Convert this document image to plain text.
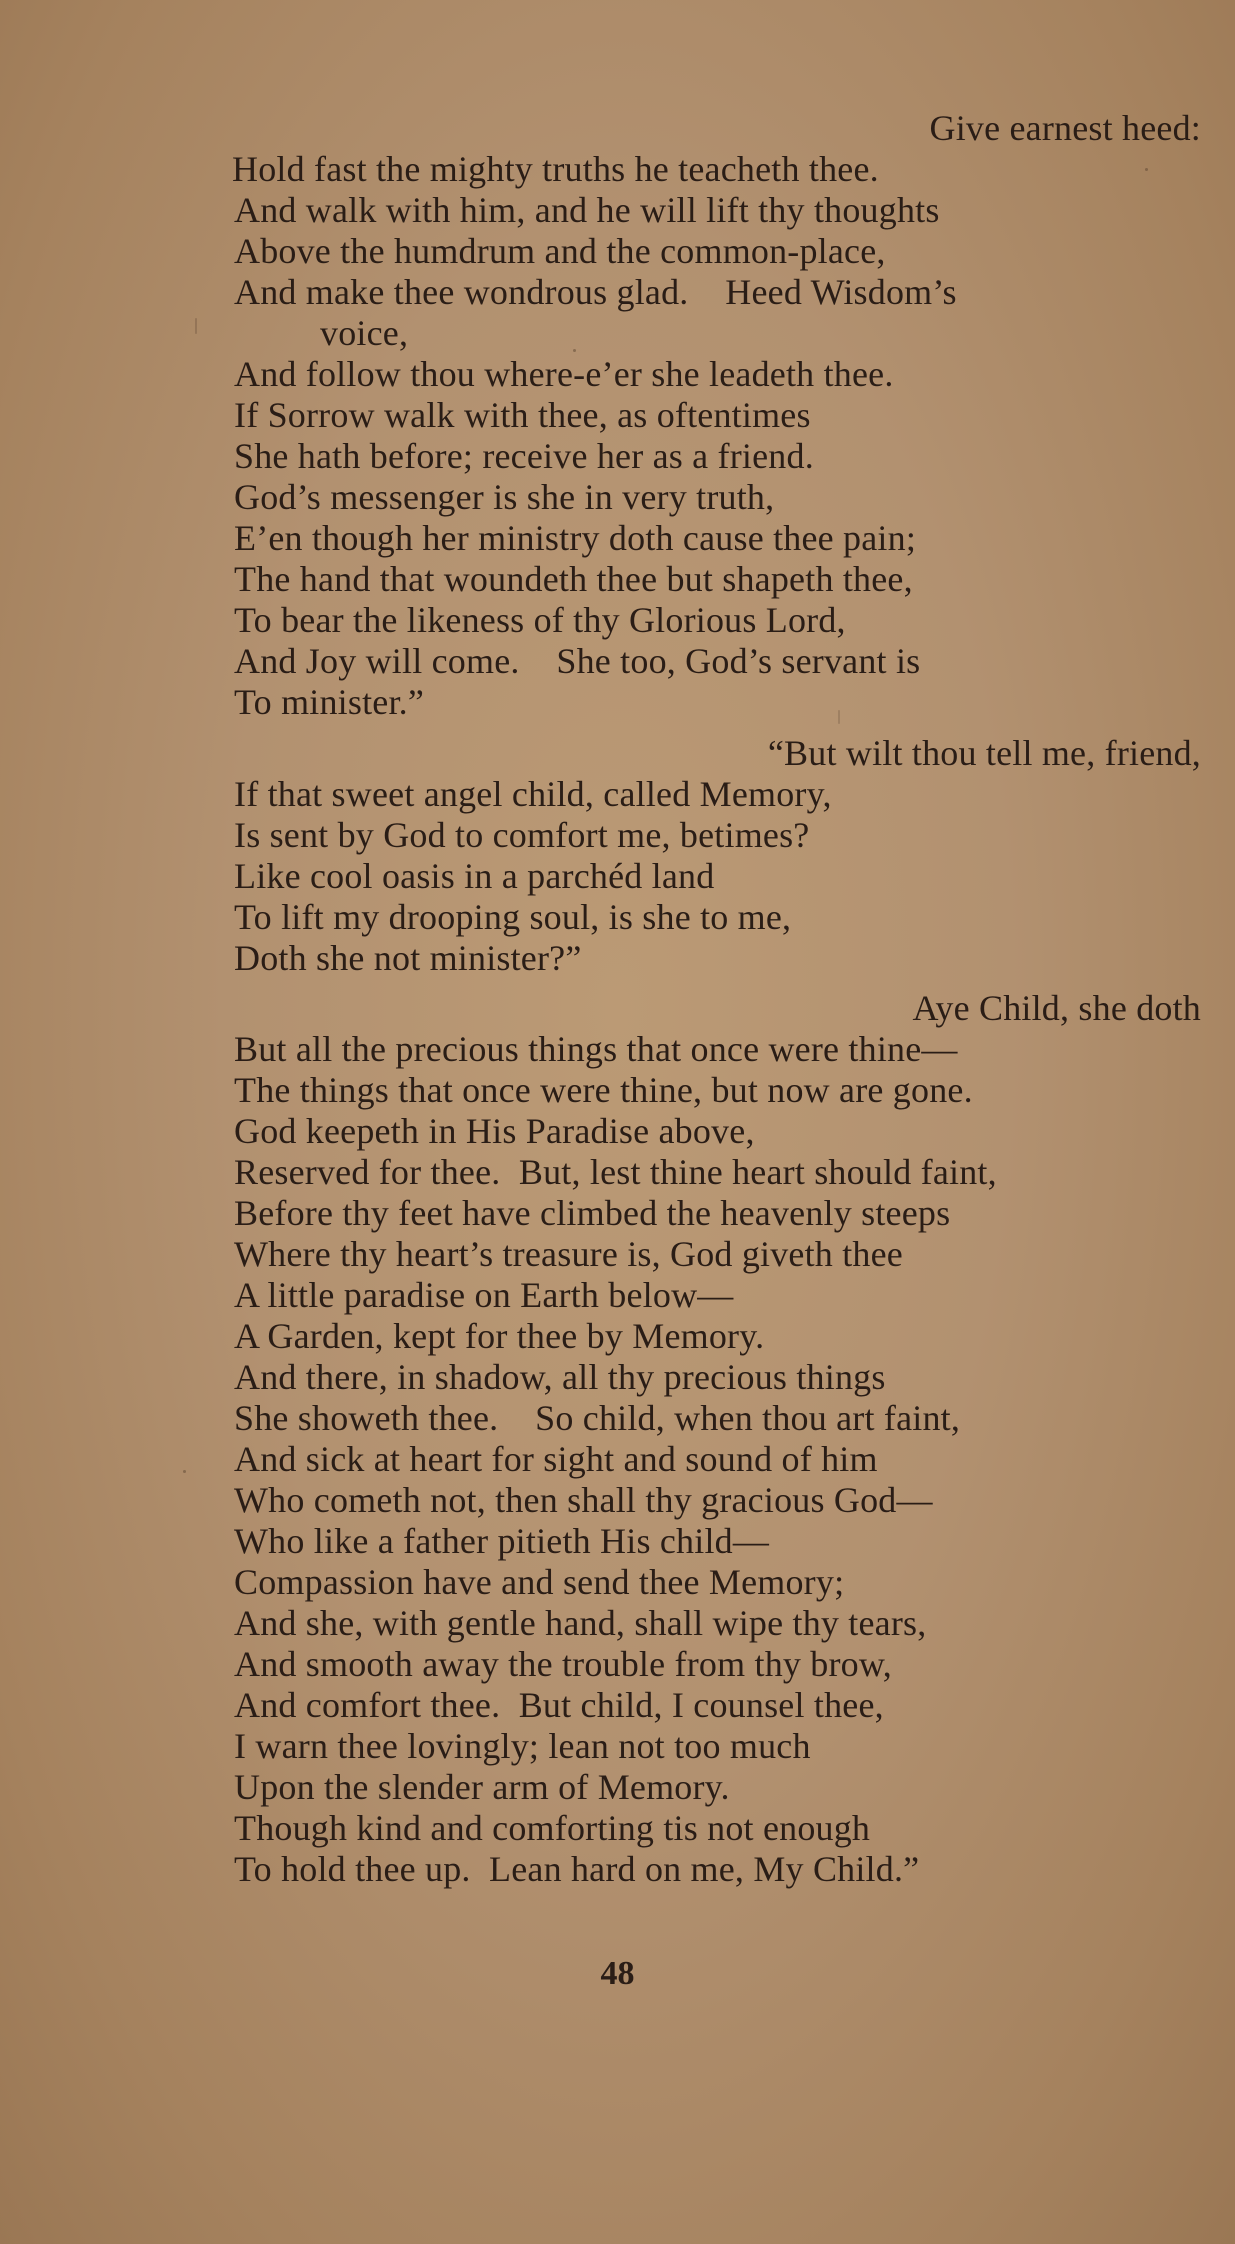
Give earnest heed:
Hold fast the mighty truths he teacheth thee.
And walk with him, and he will lift thy thoughts
Above the humdrum and the common-place,
And make thee wondrous glad.    Heed Wisdom’s
voice,
And follow thou where-e’er she leadeth thee.
If Sorrow walk with thee, as oftentimes
She hath before; receive her as a friend.
God’s messenger is she in very truth,
E’en though her ministry doth cause thee pain;
The hand that woundeth thee but shapeth thee,
To bear the likeness of thy Glorious Lord,
And Joy will come.    She too, God’s servant is
To minister.”
“But wilt thou tell me, friend,
If that sweet angel child, called Memory,
Is sent by God to comfort me, betimes?
Like cool oasis in a parchéd land
To lift my drooping soul, is she to me,
Doth she not minister?”
Aye Child, she doth
But all the precious things that once were thine—
The things that once were thine, but now are gone.
God keepeth in His Paradise above,
Reserved for thee.  But, lest thine heart should faint,
Before thy feet have climbed the heavenly steeps
Where thy heart’s treasure is, God giveth thee
A little paradise on Earth below—
A Garden, kept for thee by Memory.
And there, in shadow, all thy precious things
She showeth thee.    So child, when thou art faint,
And sick at heart for sight and sound of him
Who cometh not, then shall thy gracious God—
Who like a father pitieth His child—
Compassion have and send thee Memory;
And she, with gentle hand, shall wipe thy tears,
And smooth away the trouble from thy brow,
And comfort thee.  But child, I counsel thee,
I warn thee lovingly; lean not too much
Upon the slender arm of Memory.
Though kind and comforting tis not enough
To hold thee up.  Lean hard on me, My Child.”
48
